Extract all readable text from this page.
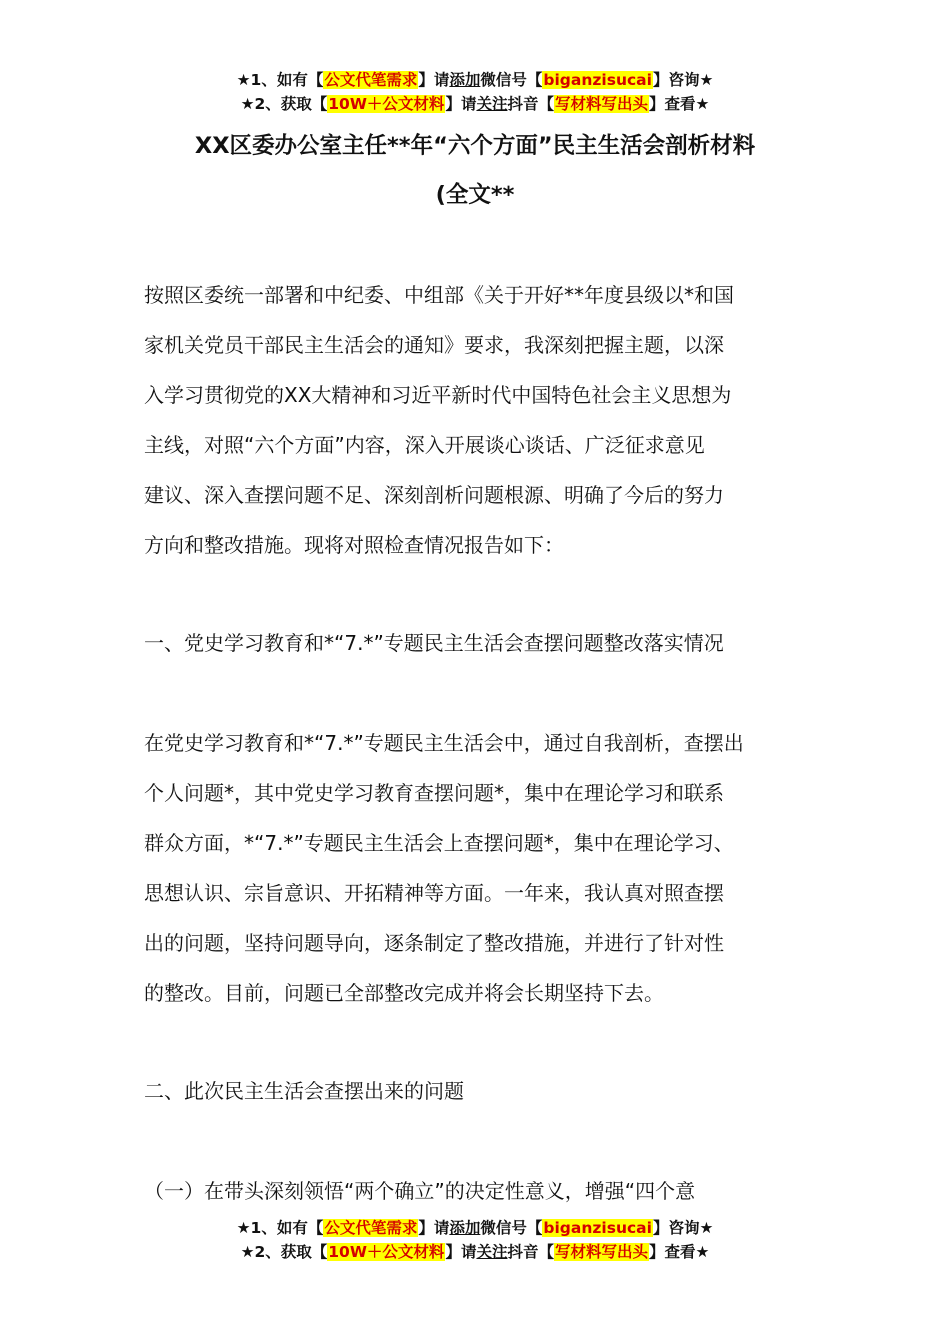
★1、如有【公文代笔需求】请添加微信号【biganzisucai】咨询★
★2、获取【10W＋公文材料】请关注抖音【写材料写出头】查看★
XX区委办公室主任**年“六个方面”民主生活会剖析材料
(全文**
按照区委统一部署和中纪委、中组部《关于开好**年度县级以*和国
家机关党员干部民主生活会的通知》要求，我深刻把握主题，以深
入学习贯彻党的XX大精神和习近平新时代中国特色社会主义思想为
主线，对照“六个方面”内容，深入开展谈心谈话、广泛征求意见
建议、深入查摆问题不足、深刻剖析问题根源、明确了今后的努力
方向和整改措施。现将对照检查情况报告如下：
一、党史学习教育和*“7.*”专题民主生活会查摆问题整改落实情况
在党史学习教育和*“7.*”专题民主生活会中，通过自我剖析，查摆出
个人问题*，其中党史学习教育查摆问题*，集中在理论学习和联系
群众方面，*“7.*”专题民主生活会上查摆问题*，集中在理论学习、
思想认识、宗旨意识、开拓精神等方面。一年来，我认真对照查摆
出的问题，坚持问题导向，逐条制定了整改措施，并进行了针对性
的整改。目前，问题已全部整改完成并将会长期坚持下去。
二、此次民主生活会查摆出来的问题
（一）在带头深刻领悟“两个确立”的决定性意义，增强“四个意
★1、如有【公文代笔需求】请添加微信号【biganzisucai】咨询★
★2、获取【10W＋公文材料】请关注抖音【写材料写出头】查看★
